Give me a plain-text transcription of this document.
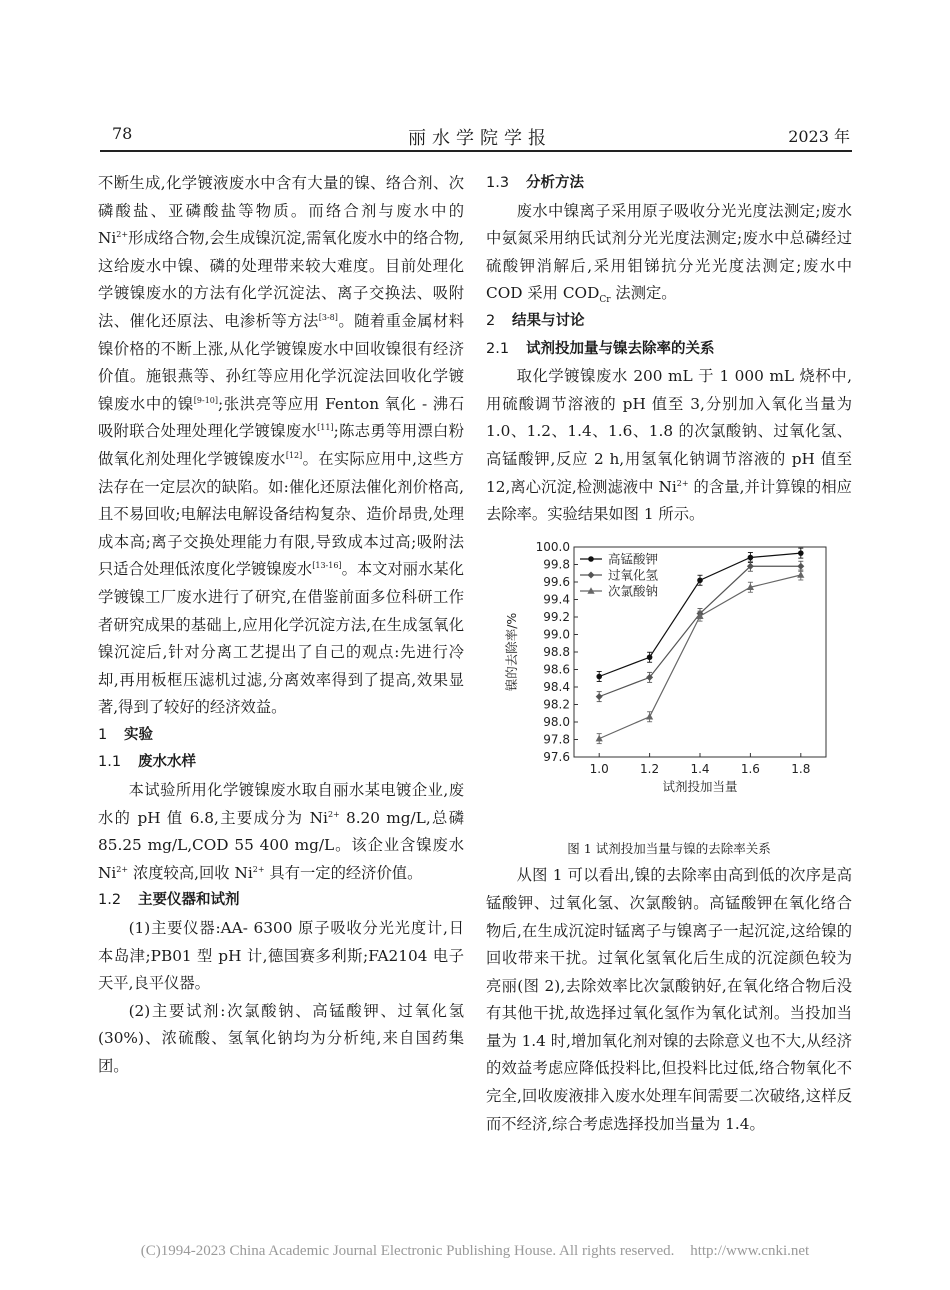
78	丽水学院学报	2023 年

不断生成,化学镀液废水中含有大量的镍、络合剂、次磷酸盐、亚磷酸盐等物质。而络合剂与废水中的 $Ni^{2+}$形成络合物,会生成镍沉淀,需氧化废水中的络合物,这给废水中镍、磷的处理带来较大难度。目前处理化学镀镍废水的方法有化学沉淀法、离子交换法、吸附法、催化还原法、电渗析等方法[3-8]。随着重金属材料镍价格的不断上涨,从化学镀镍废水中回收镍很有经济价值。施银燕等、孙红等应用化学沉淀法回收化学镀镍废水中的镍[9-10];张洪亮等应用 Fenton 氧化 - 沸石吸附联合处理处理化学镀镍废水[11];陈志勇等用漂白粉做氧化剂处理化学镀镍废水[12]。在实际应用中,这些方法存在一定层次的缺陷。如:催化还原法催化剂价格高,且不易回收;电解法电解设备结构复杂、造价昂贵,处理成本高;离子交换处理能力有限,导致成本过高;吸附法只适合处理低浓度化学镀镍废水[13-16]。本文对丽水某化学镀镍工厂废水进行了研究,在借鉴前面多位科研工作者研究成果的基础上,应用化学沉淀方法,在生成氢氧化镍沉淀后,针对分离工艺提出了自己的观点:先进行冷却,再用板框压滤机过滤,分离效率得到了提高,效果显著,得到了较好的经济效益。

1 实验

1.1 废水水样

本试验所用化学镀镍废水取自丽水某电镀企业,废水的 pH 值 6.8,主要成分为 $Ni^{2+}$ 8.20 mg/L,总磷 85.25 mg/L,COD 55 400 mg/L。该企业含镍废水 $Ni^{2+}$ 浓度较高,回收 $Ni^{2+}$ 具有一定的经济价值。

1.2 主要仪器和试剂

(1)主要仪器:AA- 6300 原子吸收分光光度计,日本岛津;PB01 型 pH 计,德国赛多利斯;FA2104 电子天平,良平仪器。

(2)主要试剂:次氯酸钠、高锰酸钾、过氧化氢(30%)、浓硫酸、氢氧化钠均为分析纯,来自国药集团。

1.3 分析方法

废水中镍离子采用原子吸收分光光度法测定;废水中氨氮采用纳氏试剂分光光度法测定;废水中总磷经过硫酸钾消解后,采用钼锑抗分光光度法测定;废水中 COD 采用 $COD_{Cr}$ 法测定。

2 结果与讨论

2.1 试剂投加量与镍去除率的关系

取化学镀镍废水 200 mL 于 1 000 mL 烧杯中,用硫酸调节溶液的 pH 值至 3,分别加入氧化当量为 1.0、1.2、1.4、1.6、1.8 的次氯酸钠、过氧化氢、高锰酸钾,反应 2 h,用氢氧化钠调节溶液的 pH 值至 12,离心沉淀,检测滤液中 $Ni^{2+}$ 的含量,并计算镍的相应去除率。实验结果如图 1 所示。

97.6
97.8
98.0
98.2
98.4
98.6
98.8
99.0
99.2
99.4
99.6
99.8
100.0
1.0	1.2	1.4	1.6	1.8
试剂投加当量
镍的去除率/%
高锰酸钾
过氧化氢
次氯酸钠

图 1 试剂投加当量与镍的去除率关系

从图 1 可以看出,镍的去除率由高到低的次序是高锰酸钾、过氧化氢、次氯酸钠。高锰酸钾在氧化络合物后,在生成沉淀时锰离子与镍离子一起沉淀,这给镍的回收带来干扰。过氧化氢氧化后生成的沉淀颜色较为亮丽(图 2),去除效率比次氯酸钠好,在氧化络合物后没有其他干扰,故选择过氧化氢作为氧化试剂。当投加当量为 1.4 时,增加氧化剂对镍的去除意义也不大,从经济的效益考虑应降低投料比,但投料比过低,络合物氧化不完全,回收废液排入废水处理车间需要二次破络,这样反而不经济,综合考虑选择投加当量为 1.4。

(C)1994-2023 China Academic Journal Electronic Publishing House. All rights reserved. http://www.cnki.net
